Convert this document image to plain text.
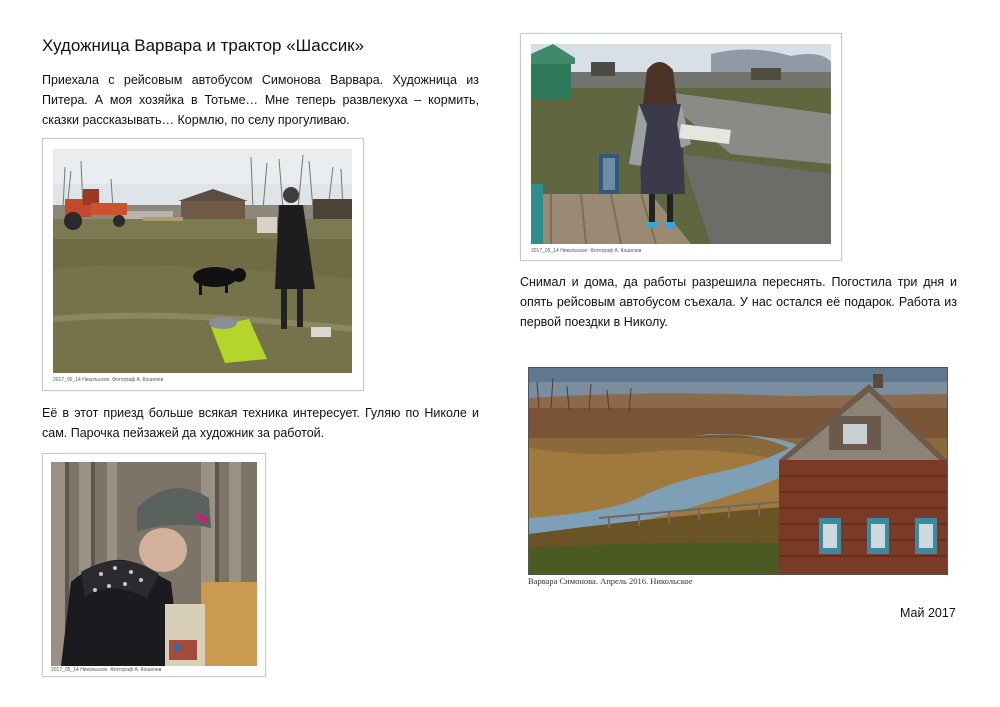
Художница Варвара и трактор «Шассик»
Приехала с рейсовым автобусом Симонова Варвара. Художница из Питера. А моя хозяйка в Тотьме… Мне теперь развлекуха – кормить, сказки рассказывать… Кормлю, по селу прогуливаю.
2017_05_14 Никольское. Фотограф А. Кошелев
Её в этот приезд больше всякая техника интересует. Гуляю по Николе и сам. Парочка пейзажей да художник за работой.
2017_05_14 Никольское. Фотограф А. Кошелев
2017_05_14 Никольское. Фотограф А. Кошелев
Снимал и дома, да работы разрешила переснять. Погостила три дня и опять рейсовым автобусом съехала. У нас остался её подарок. Работа из первой поездки в Николу.
Варвара Симонова. Апрель 2016. Никольское
Май 2017
